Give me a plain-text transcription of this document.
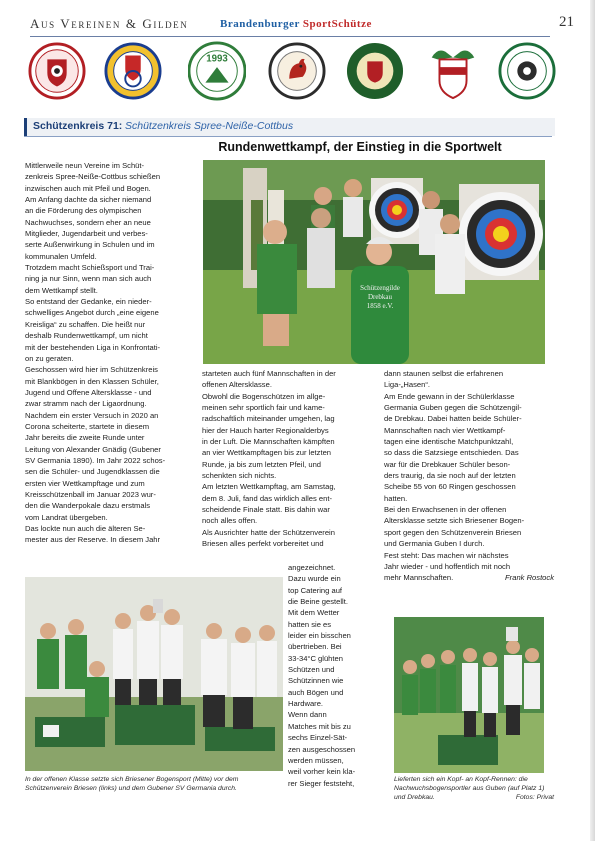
Aus Vereinen & Gilden	Brandenburger SportSchütze	21
1993
Schützenkreis 71: Schützenkreis Spree-Neiße-Cottbus
Rundenwettkampf, der Einstieg in die Sportwelt

Mittlerweile neun Vereine im Schüt-
zenkreis Spree-Neiße-Cottbus schießen
inzwischen auch mit Pfeil und Bogen.
Am Anfang dachte da sicher niemand
an die Förderung des olympischen
Nachwuchses, sondern eher an neue
Mitglieder, Jugendarbeit und verbes-
serte Außenwirkung in Schulen und im
kommunalen Umfeld.
Trotzdem macht Schießsport und Trai-
ning ja nur Sinn, wenn man sich auch
dem Wettkampf stellt.
So entstand der Gedanke, ein nieder-
schwelliges Angebot durch „eine eigene
Kreisliga“ zu schaffen. Die heißt nur
deshalb Rundenwettkampf, um nicht
mit der bestehenden Liga in Konfrontati-
on zu geraten.
Geschossen wird hier im Schützenkreis
mit Blankbögen in den Klassen Schüler,
Jugend und Offene Altersklasse - und
zwar stramm nach der Ligaordnung.
Nachdem ein erster Versuch in 2020 an
Corona scheiterte, startete in diesem
Jahr bereits die zweite Runde unter
Leitung von Alexander Gnädig (Gubener
SV Germania 1890). Im Jahr 2022 schos-
sen die Schüler- und Jugendklassen die
ersten vier Wettkampftage und zum
Kreisschützenball im Januar 2023 wur-
den die Wanderpokale dazu erstmals
vom Landrat übergeben.
Das lockte nun auch die älteren Se-
mester aus der Reserve. In diesem Jahr

Schützengilde Drebkau 1858 e.V.

starteten auch fünf Mannschaften in der
offenen Altersklasse.
Obwohl die Bogenschützen im allge-
meinen sehr sportlich fair und kame-
radschaftlich miteinander umgehen, lag
hier der Hauch harter Regionalderbys
in der Luft. Die Mannschaften kämpften
an vier Wettkampftagen bis zur letzten
Runde, ja bis zum letzten Pfeil, und
schenkten sich nichts.
Am letzten Wettkampftag, am Samstag,
dem 8. Juli, fand das wirklich alles ent-
scheidende Finale statt. Bis dahin war
noch alles offen.
Als Ausrichter hatte der Schützenverein
Briesen alles perfekt vorbereitet und

angezeichnet.
Dazu wurde ein
top Catering auf
die Beine gestellt.
Mit dem Wetter
hatten sie es
leider ein bisschen
übertrieben. Bei
33-34°C glühten
Schützen und
Schützinnen wie
auch Bögen und
Hardware.
Wenn dann
Matches mit bis zu
sechs Einzel-Sät-
zen ausgeschossen
werden müssen,
weil vorher kein kla-
rer Sieger feststeht,

dann staunen selbst die erfahrenen
Liga-„Hasen“.
Am Ende gewann in der Schülerklasse
Germania Guben gegen die Schützengil-
de Drebkau. Dabei hatten beide Schüler-
Mannschaften nach vier Wettkampf-
tagen eine identische Matchpunktzahl,
so dass die Satzsiege entschieden. Das
war für die Drebkauer Schüler beson-
ders traurig, da sie noch auf der letzten
Scheibe 55 von 60 Ringen geschossen
hatten.
Bei den Erwachsenen in der offenen
Altersklasse setzte sich Briesener Bogen-
sport gegen den Schützenverein Briesen
und Germania Guben I durch.
Fest steht: Das machen wir nächstes
Jahr wieder - und hoffentlich mit noch
mehr Mannschaften.	Frank Rostock

In der offenen Klasse setzte sich Briesener Bogensport (Mitte) vor dem Schützenverein Briesen (links) und dem Gubener SV Germania durch.
Lieferten sich ein Kopf- an Kopf-Rennen: die Nachwuchsbogensportler aus Guben (auf Platz 1) und Drebkau.	Fotos: Privat
